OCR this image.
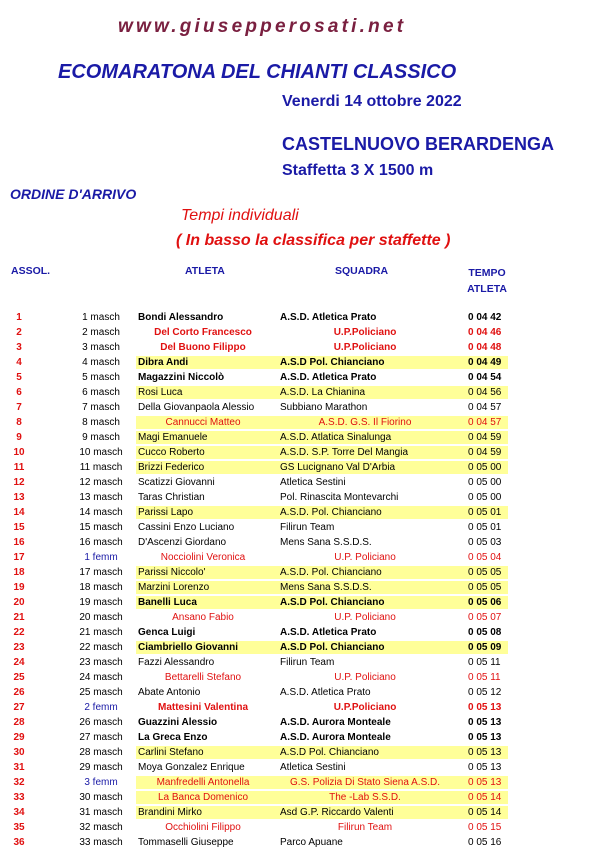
www.giusepperosati.net
ECOMARATONA DEL CHIANTI CLASSICO
Venerdi 14 ottobre 2022
CASTELNUOVO BERARDENGA
Staffetta 3 X 1500 m
ORDINE D'ARRIVO
Tempi individuali
( In basso la classifica per staffette )
ASSOL.	ATLETA	SQUADRA	TEMPO ATLETA
1	1 masch	Bondi Alessandro	A.S.D. Atletica Prato	0 04 42
2	2 masch	Del Corto Francesco	U.P.Policiano	0 04 46
3	3 masch	Del Buono Filippo	U.P.Policiano	0 04 48
4	4 masch	Dibra Andi	A.S.D Pol. Chianciano	0 04 49
5	5 masch	Magazzini Niccolò	A.S.D. Atletica Prato	0 04 54
6	6 masch	Rosi Luca	A.S.D. La Chianina	0 04 56
7	7 masch	Della Giovanpaola Alessio	Subbiano Marathon	0 04 57
8	8 masch	Cannucci Matteo	A.S.D. G.S. Il Fiorino	0 04 57
9	9 masch	Magi Emanuele	A.S.D. Atlatica Sinalunga	0 04 59
10	10 masch	Cucco Roberto	A.S.D. S.P. Torre Del Mangia	0 04 59
11	11 masch	Brizzi Federico	GS Lucignano Val D'Arbia	0 05 00
12	12 masch	Scatizzi Giovanni	Atletica Sestini	0 05 00
13	13 masch	Taras Christian	Pol. Rinascita Montevarchi	0 05 00
14	14 masch	Parissi Lapo	A.S.D. Pol. Chianciano	0 05 01
15	15 masch	Cassini Enzo Luciano	Filirun Team	0 05 01
16	16 masch	D'Ascenzi Giordano	Mens Sana S.S.D.S.	0 05 03
17	1 femm	Nocciolini Veronica	U.P. Policiano	0 05 04
18	17 masch	Parissi Niccolo'	A.S.D. Pol. Chianciano	0 05 05
19	18 masch	Marzini Lorenzo	Mens Sana S.S.D.S.	0 05 05
20	19 masch	Banelli Luca	A.S.D Pol. Chianciano	0 05 06
21	20 masch	Ansano Fabio	U.P. Policiano	0 05 07
22	21 masch	Genca Luigi	A.S.D. Atletica Prato	0 05 08
23	22 masch	Ciambriello Giovanni	A.S.D Pol. Chianciano	0 05 09
24	23 masch	Fazzi Alessandro	Filirun Team	0 05 11
25	24 masch	Bettarelli Stefano	U.P. Policiano	0 05 11
26	25 masch	Abate Antonio	A.S.D. Atletica Prato	0 05 12
27	2 femm	Mattesini Valentina	U.P.Policiano	0 05 13
28	26 masch	Guazzini Alessio	A.S.D. Aurora Monteale	0 05 13
29	27 masch	La Greca Enzo	A.S.D. Aurora Monteale	0 05 13
30	28 masch	Carlini Stefano	A.S.D Pol. Chianciano	0 05 13
31	29 masch	Moya Gonzalez Enrique	Atletica Sestini	0 05 13
32	3 femm	Manfredelli Antonella	G.S. Polizia Di Stato Siena A.S.D.	0 05 13
33	30 masch	La Banca Domenico	The -Lab S.S.D.	0 05 14
34	31 masch	Brandini Mirko	Asd G.P. Riccardo Valenti	0 05 14
35	32 masch	Occhiolini Filippo	Filirun Team	0 05 15
36	33 masch	Tommaselli Giuseppe	Parco Apuane	0 05 16
